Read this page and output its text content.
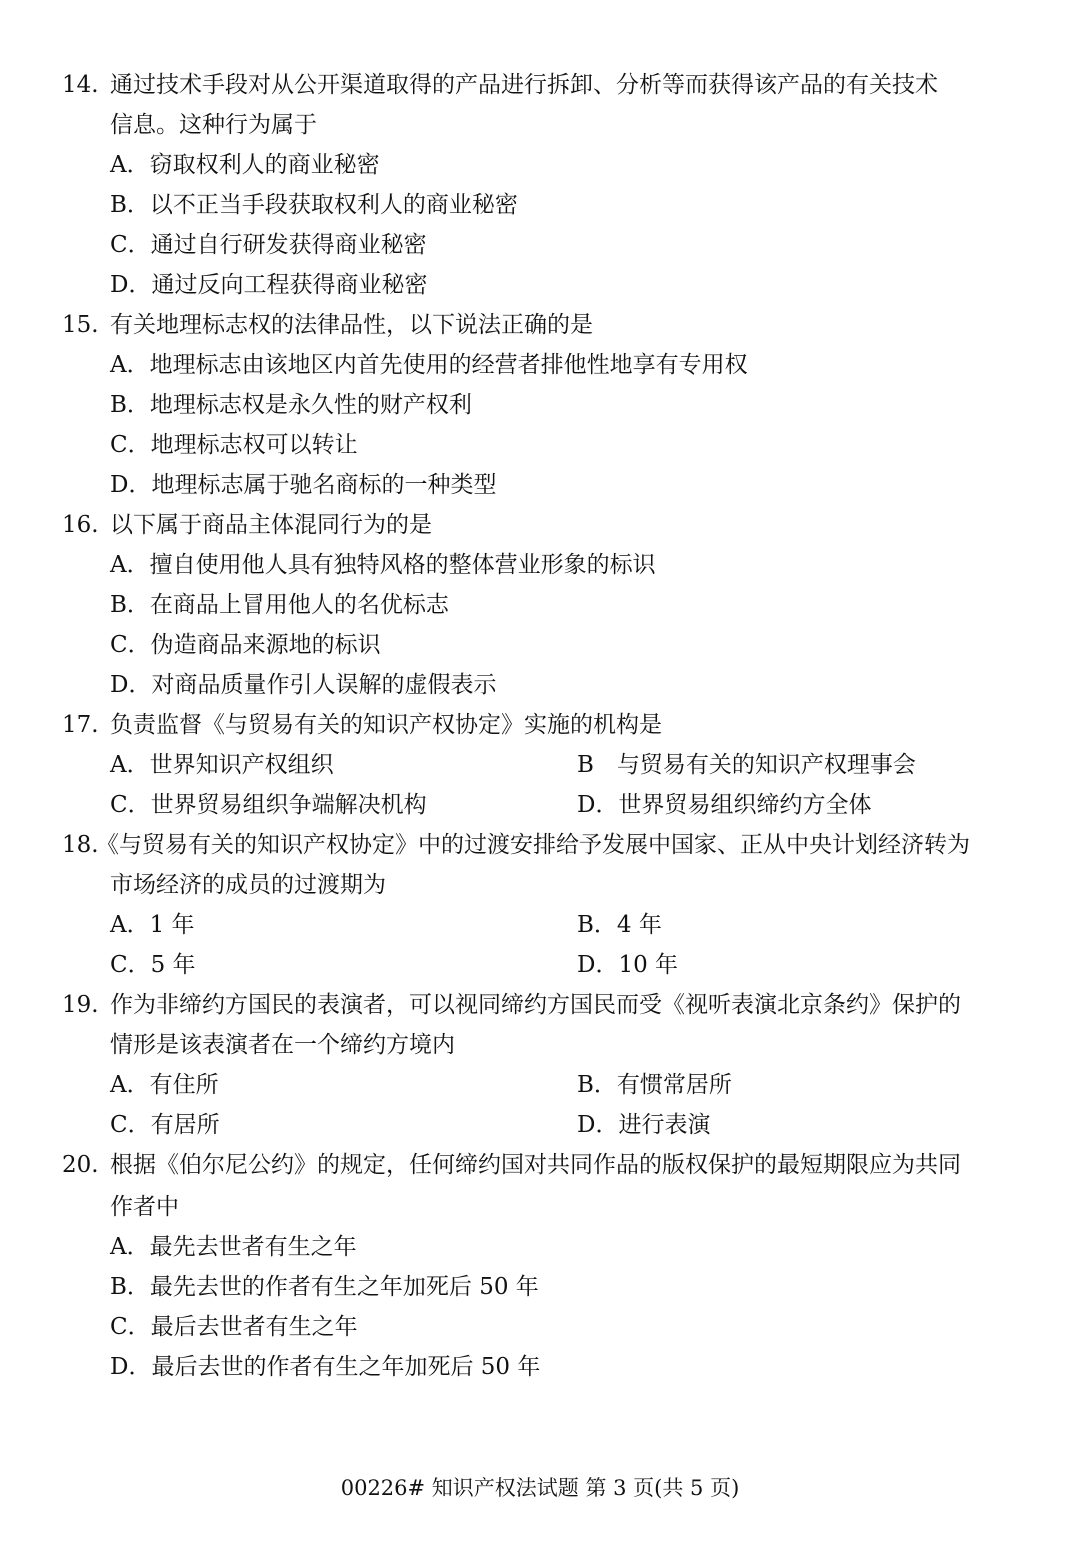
14. 通过技术手段对从公开渠道取得的产品进行拆卸、分析等而获得该产品的有关技术
信息。这种行为属于
A．窃取权利人的商业秘密
B．以不正当手段获取权利人的商业秘密
C．通过自行研发获得商业秘密
D．通过反向工程获得商业秘密
15. 有关地理标志权的法律品性，以下说法正确的是
A．地理标志由该地区内首先使用的经营者排他性地享有专用权
B．地理标志权是永久性的财产权利
C．地理标志权可以转让
D．地理标志属于驰名商标的一种类型
16. 以下属于商品主体混同行为的是
A．擅自使用他人具有独特风格的整体营业形象的标识
B．在商品上冒用他人的名优标志
C．伪造商品来源地的标识
D．对商品质量作引人误解的虚假表示
17. 负责监督《与贸易有关的知识产权协定》实施的机构是
A．世界知识产权组织	B　与贸易有关的知识产权理事会
C．世界贸易组织争端解决机构	D．世界贸易组织缔约方全体
18.
《与贸易有关的知识产权协定》中的过渡安排给予发展中国家、正从中央计划经济转为
市场经济的成员的过渡期为
A．1 年	B．4 年
C．5 年	D．10 年
19. 作为非缔约方国民的表演者，可以视同缔约方国民而受《视听表演北京条约》保护的
情形是该表演者在一个缔约方境内
A．有住所	B．有惯常居所
C．有居所	D．进行表演
20. 根据《伯尔尼公约》的规定，任何缔约国对共同作品的版权保护的最短期限应为共同
作者中
A．最先去世者有生之年
B．最先去世的作者有生之年加死后 50 年
C．最后去世者有生之年
D．最后去世的作者有生之年加死后 50 年
00226# 知识产权法试题 第 3 页(共 5 页)
